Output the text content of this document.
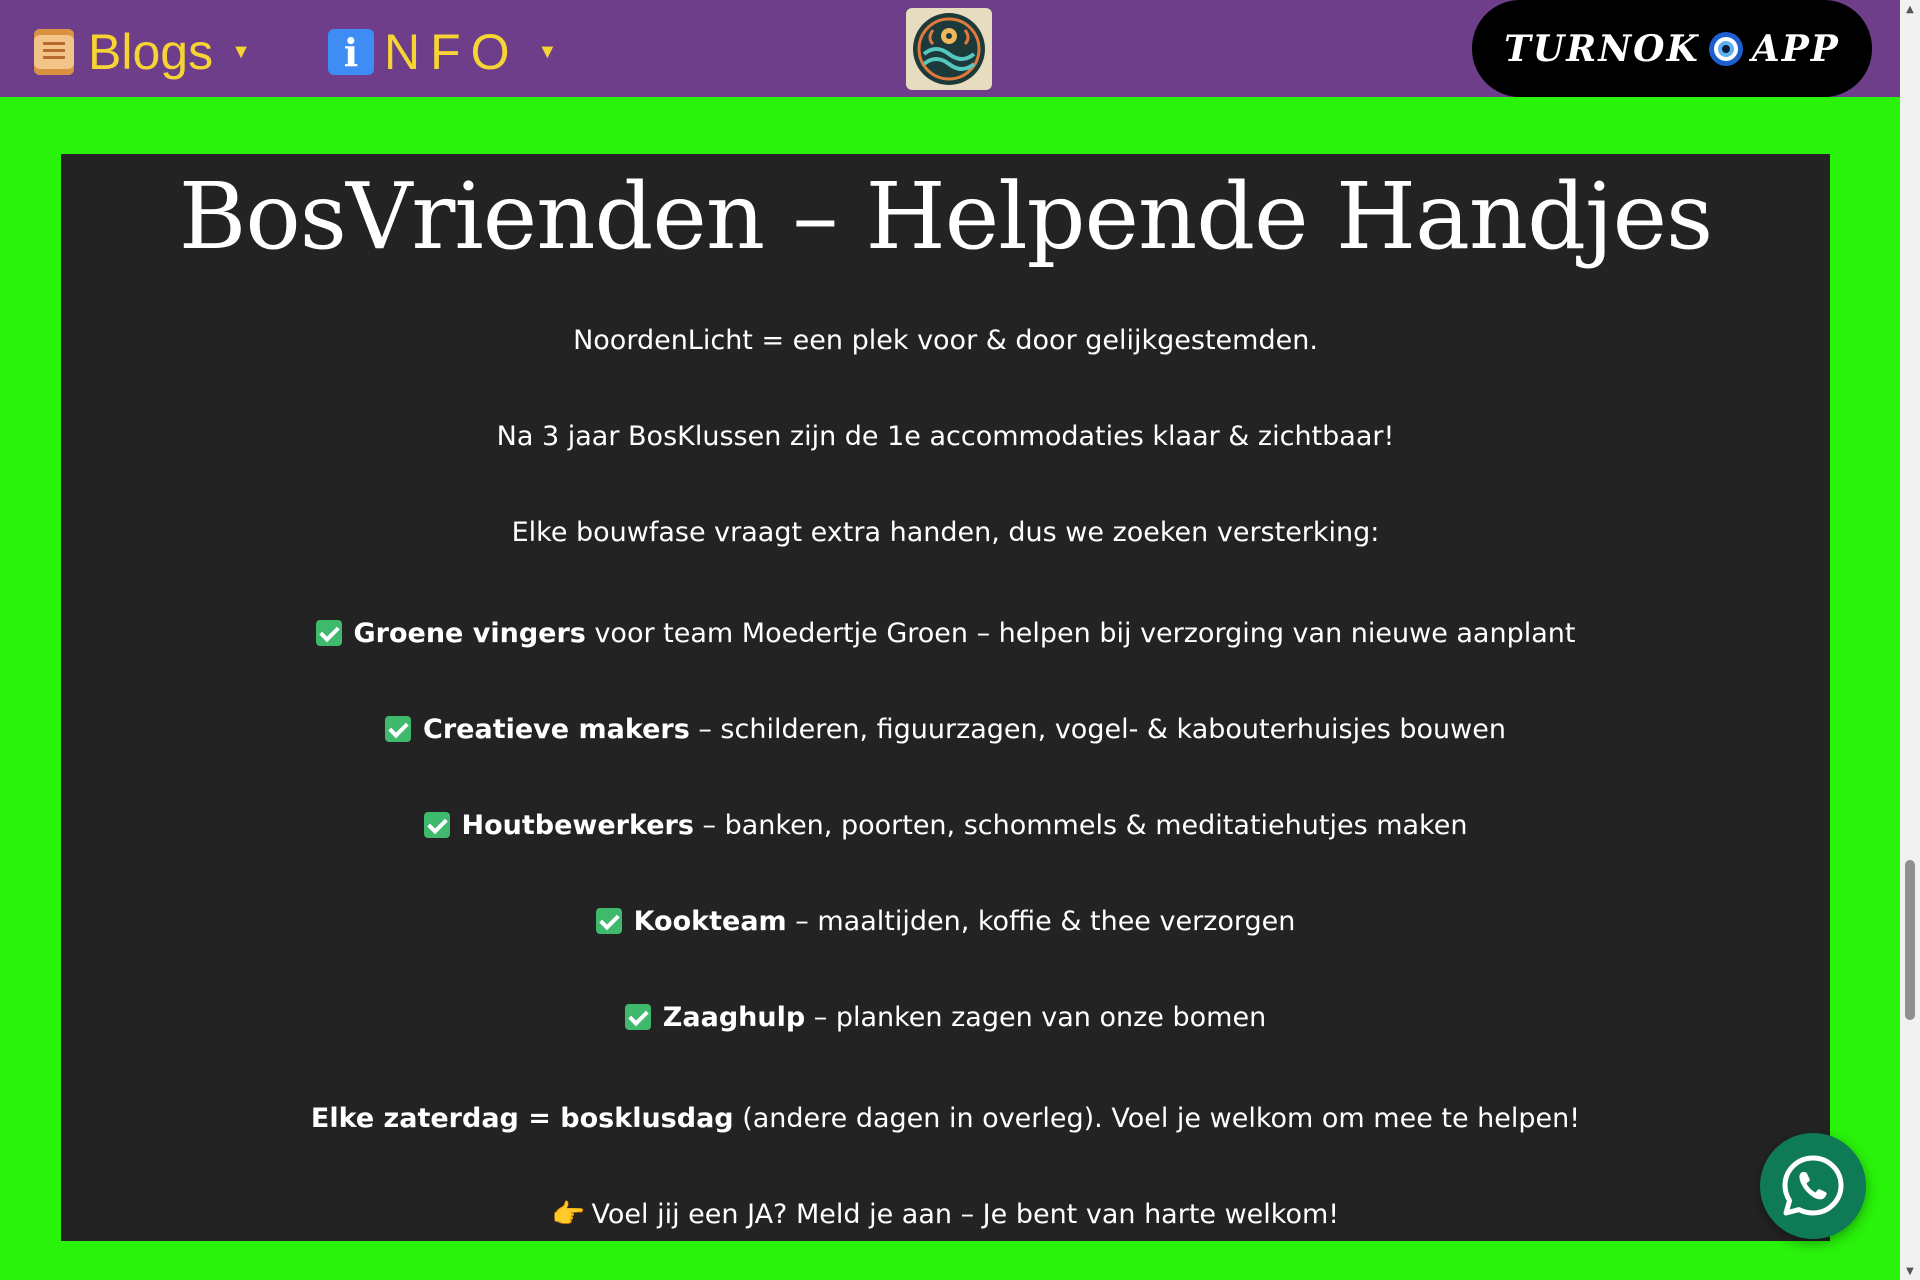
Blogs ▼	i NFO ▼	TURNOK APP
▲
▼
BosVrienden – Helpende Handjes

NoordenLicht = een plek voor & door gelijkgestemden.

Na 3 jaar BosKlussen zijn de 1e accommodaties klaar & zichtbaar!

Elke bouwfase vraagt extra handen, dus we zoeken versterking:

Groene vingers voor team Moedertje Groen – helpen bij verzorging van nieuwe aanplant

Creatieve makers – schilderen, figuurzagen, vogel- & kabouterhuisjes bouwen

Houtbewerkers – banken, poorten, schommels & meditatiehutjes maken

Kookteam – maaltijden, koffie & thee verzorgen

Zaaghulp – planken zagen van onze bomen

Elke zaterdag = bosklusdag (andere dagen in overleg). Voel je welkom om mee te helpen!

👉 Voel jij een JA? Meld je aan – Je bent van harte welkom!
